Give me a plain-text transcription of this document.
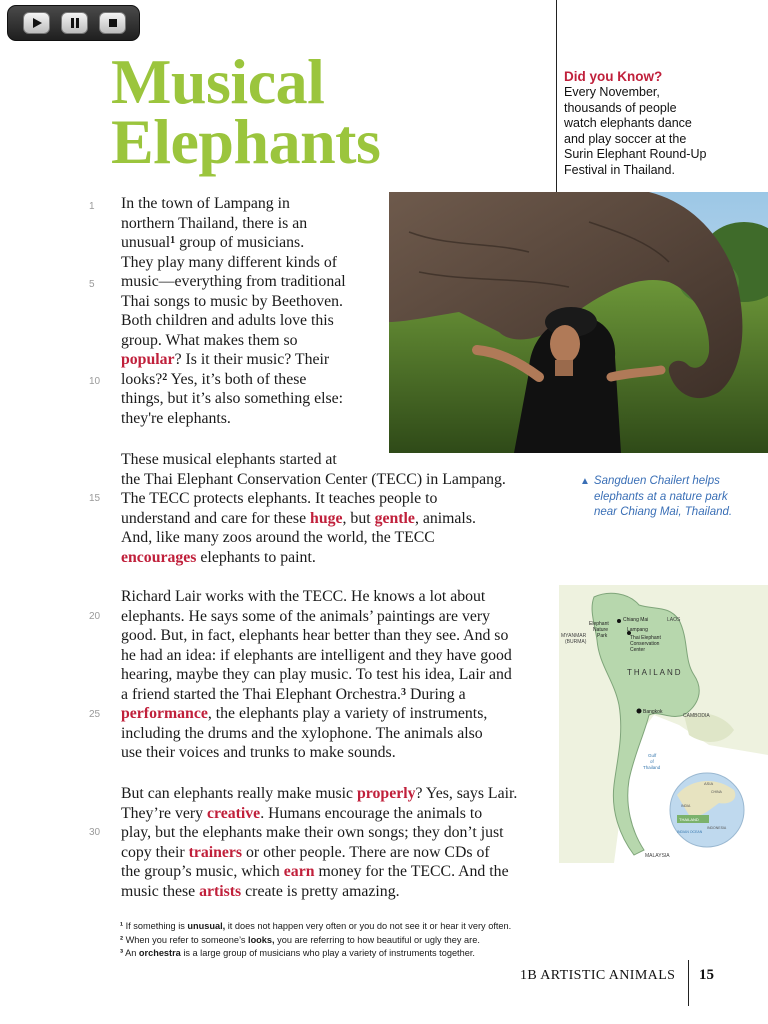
Musical
Elephants
Did you Know?
Every November,
thousands of people
watch elephants dance
and play soccer at the
Surin Elephant Round-Up
Festival in Thailand.
▲ Sangduen Chailert helps
elephants at a nature park
near Chiang Mai, Thailand.
1
5
10
15
20
25
30
In the town of Lampang in
northern Thailand, there is an
unusual$^1$ group of musicians.
They play many different kinds of
music—everything from traditional
Thai songs to music by Beethoven.
Both children and adults love this
group. What makes them so
popular? Is it their music? Their
looks?$^2$ Yes, it’s both of these
things, but it’s also something else:
they're elephants.
These musical elephants started at
the Thai Elephant Conservation Center (TECC) in Lampang.
The TECC protects elephants. It teaches people to
understand and care for these huge, but gentle, animals.
And, like many zoos around the world, the TECC
encourages elephants to paint.
Richard Lair works with the TECC. He knows a lot about
elephants. He says some of the animals’ paintings are very
good. But, in fact, elephants hear better than they see. And so
he had an idea: if elephants are intelligent and they have good
hearing, maybe they can play music. To test his idea, Lair and
a friend started the Thai Elephant Orchestra.$^3$ During a
performance, the elephants play a variety of instruments,
including the drums and the xylophone. The animals also
use their voices and trunks to make sounds.
But can elephants really make music properly? Yes, says Lair.
They’re very creative. Humans encourage the animals to
play, but the elephants make their own songs; they don’t just
copy their trainers or other people. There are now CDs of
the group’s music, which earn money for the TECC. And the
music these artists create is pretty amazing.
Elephant
Nature
Park
Chiang Mai
Lampang
Thai Elephant
Conservation
Center
LAOS
MYANMAR
(BURMA)
THAILAND
Bangkok
CAMBODIA
Gulf
of
Thailand
MALAYSIA
ASIA
CHINA
INDIA
THAILAND
INDIAN OCEAN
INDONESIA
¹ If something is unusual, it does not happen very often or you do not see it or hear it very often.
² When you refer to someone’s looks, you are referring to how beautiful or ugly they are.
³ An orchestra is a large group of musicians who play a variety of instruments together.
1B ARTISTIC ANIMALS 15
